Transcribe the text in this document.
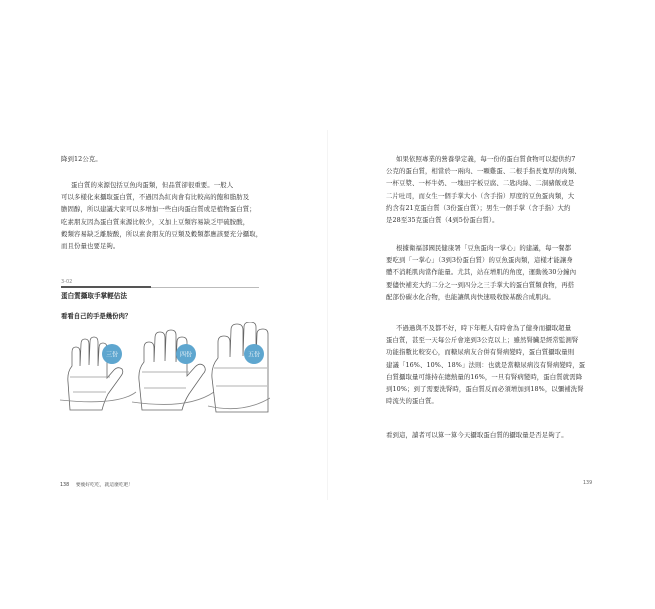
降到12公克。

蛋白質的來源包括豆魚肉蛋類，但品質卻很重要。一般人
可以多樣化來攝取蛋白質，不過因為紅肉會有比較高的飽和脂肪及
膽固醇，所以建議大家可以多增加一些白肉蛋白質或是植物蛋白質；
吃素朋友因為蛋白質來源比較少，又加上豆類容易缺乏甲硫胺酸，
穀類容易缺乏離胺酸，所以素食朋友的豆類及穀類都應該要充分攝取，
而且份量也要足夠。

3-02
蛋白質攝取手掌輕估法
看看自己的手是幾份肉？
三份	四份	五份
138 要瘦好吃吃，就這麼吃吧！

如果依照專業的營養學定義，每一份的蛋白質食物可以提供約7
公克的蛋白質，相當於一兩肉、一顆雞蛋、二根手指長寬厚的肉類、
一杯豆漿、一杯牛奶、一塊田字板豆腐、二匙肉絲、二洞豬飯或是
二片吐司，而女生一個手掌大小（含手指）厚度的豆魚蛋肉類，大
約含有21克蛋白質（3份蛋白質）；男生一個手掌（含手指）大約
是28至35克蛋白質（4到5份蛋白質）。

根據衛福部國民健康署「豆魚蛋肉一掌心」的建議，每一餐都
要吃到「一掌心」（3到3份蛋白質）的豆魚蛋肉類，這樣才能讓身
體不消耗肌肉當作能量。尤其，站在增肌的角度，運動後30分鐘內
要儘快補充大約二分之一到四分之三手掌大的蛋白質類食物，再搭
配部份碳水化合物，也能讓飢肉快速吸收胺基酸合成肌肉。

不過過與不及都不好，時下年輕人有時會為了健身而攝取超量
蛋白質，甚至一天每公斤會達到3公克以上；雖然腎臟是經常監測腎
功能指數比較安心，而糖尿病友合併有腎病變時，蛋白質攝取量則
建議「16%、10%、18%」法則：也就是當糖尿病沒有腎病變時，蛋
白質攝取量可維持在總熱量的16%，一旦有腎病變時，蛋白質就需降
到10%；到了需要洗腎時，蛋白質反而必須增加到18%，以彌補洗腎
時流失的蛋白質。

看到這，讀者可以算一算今天攝取蛋白質的攝取量是否足夠了。

139
